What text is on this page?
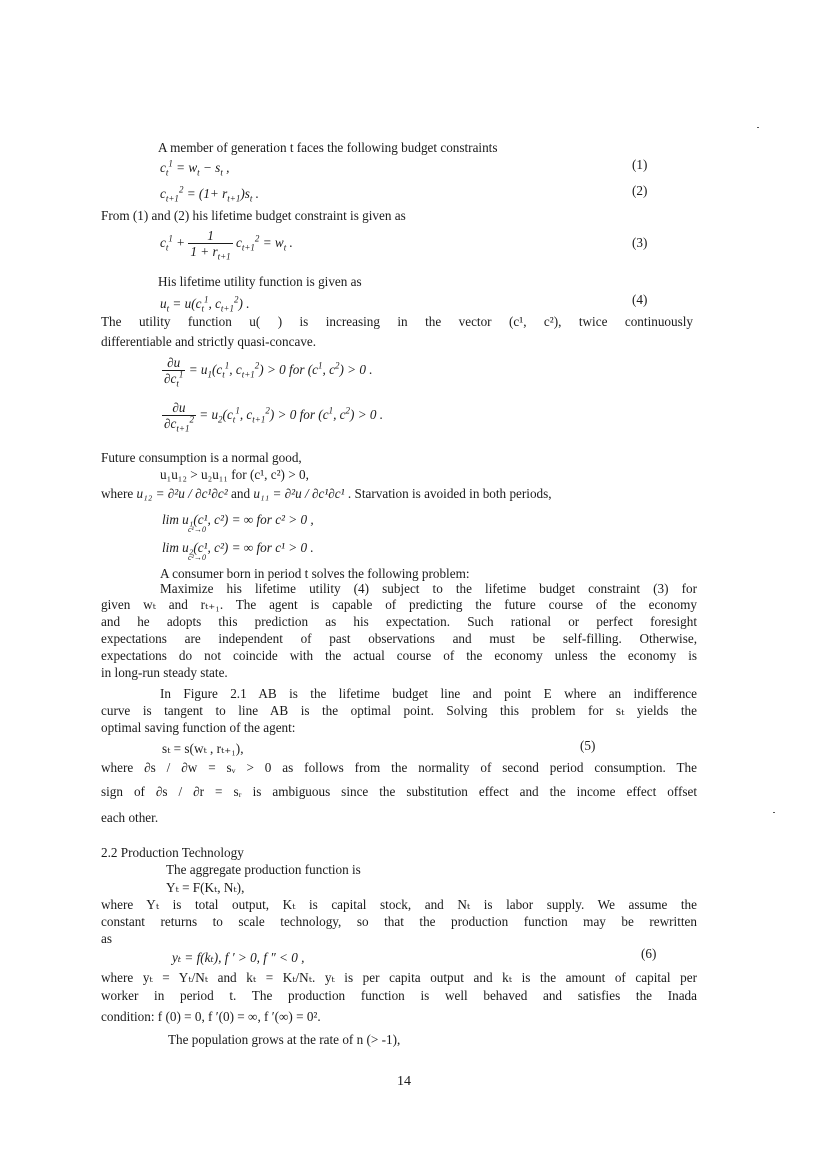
A member of generation t faces the following budget constraints
$c_t^1 = w_t - s_t$ ,	(1)
$c_{t+1}^2 = (1+ r_{t+1})s_t$ .	(2)
From (1) and (2) his lifetime budget constraint is given as
$c_t^1 + \frac{1}{1 + r_{t+1}} c_{t+1}^2 = w_t$ .	(3)
His lifetime utility function is given as
$u_t = u(c_t^1$, $c_{t+1}^2$) .	(4)
The utility function u( ) is increasing in the vector (c¹, c²), twice continuously
differentiable and strictly quasi-concave.
$\frac{\partial u}{\partial c_t^1} = u_1(c_t^1$, $c_{t+1}^2) > 0$ for ($c^1$, $c^2) > 0$ .
$\frac{\partial u}{\partial c_{t+1}^2} = u_2(c_t^1$, $c_{t+1}^2) > 0$ for ($c^1$, $c^2) > 0$ .
Future consumption is a normal good,
u₁u₁₂ > u₂u₁₁ for (c¹, c²) > 0,
where u₁₂ = ∂²u / ∂c¹∂c² and u₁₁ = ∂²u / ∂c¹∂c¹ . Starvation is avoided in both periods,
lim u₁(c¹, c²) = ∞ for c² > 0 ,
c¹→0
lim u₂(c¹, c²) = ∞ for c¹ > 0 .
c²→0
A consumer born in period t solves the following problem:
Maximize his lifetime utility (4) subject to the lifetime budget constraint (3) for
given wₜ and rₜ₊₁. The agent is capable of predicting the future course of the economy
and he adopts this prediction as his expectation. Such rational or perfect foresight
expectations are independent of past observations and must be self-filling. Otherwise,
expectations do not coincide with the actual course of the economy unless the economy is
in long-run steady state.
In Figure 2.1 AB is the lifetime budget line and point E where an indifference
curve is tangent to line AB is the optimal point. Solving this problem for sₜ yields the
optimal saving function of the agent:
sₜ = s(wₜ , rₜ₊₁),	(5)
where ∂s / ∂w = sᵥ > 0 as follows from the normality of second period consumption. The
sign of ∂s / ∂r = sᵣ is ambiguous since the substitution effect and the income effect offset
each other.
2.2 Production Technology
The aggregate production function is
Yₜ = F(Kₜ, Nₜ),
where Yₜ is total output, Kₜ is capital stock, and Nₜ is labor supply. We assume the
constant returns to scale technology, so that the production function may be rewritten
as
yₜ = f(kₜ), f ′ > 0, f ″ < 0 ,	(6)
where yₜ = Yₜ/Nₜ and kₜ = Kₜ/Nₜ. yₜ is per capita output and kₜ is the amount of capital per
worker in period t. The production function is well behaved and satisfies the Inada
condition: f (0) = 0, f ′(0) = ∞, f ′(∞) = 0².
The population grows at the rate of n (> -1),
14
